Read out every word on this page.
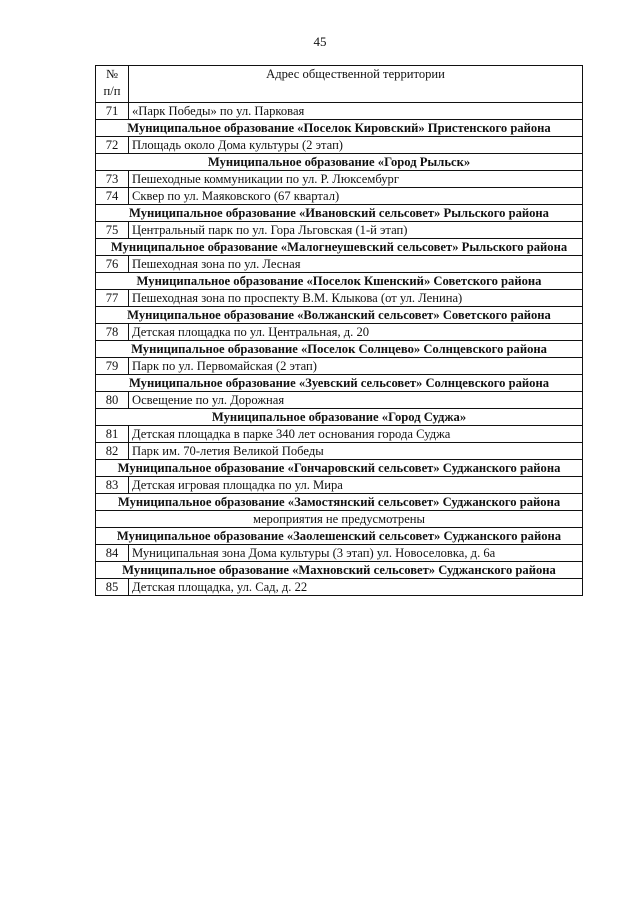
45
№
п/п	Адрес общественной территории
71	«Парк Победы» по ул. Парковая
Муниципальное образование «Поселок Кировский» Пристенского района	
72	Площадь около Дома культуры (2 этап)
Муниципальное образование «Город Рыльск»	
73	Пешеходные коммуникации по ул. Р. Люксембург
74	Сквер по ул. Маяковского (67 квартал)
Муниципальное образование «Ивановский сельсовет» Рыльского района	
75	Центральный парк по ул. Гора Льговская (1-й этап)
Муниципальное образование «Малогнеушевский сельсовет» Рыльского района	
76	Пешеходная зона по ул. Лесная
Муниципальное образование «Поселок Кшенский» Советского района	
77	Пешеходная зона по проспекту В.М. Клыкова (от ул. Ленина)
Муниципальное образование «Волжанский сельсовет» Советского района	
78	Детская площадка по ул. Центральная, д. 20
Муниципальное образование «Поселок Солнцево» Солнцевского района	
79	Парк по ул. Первомайская (2 этап)
Муниципальное образование «Зуевский сельсовет» Солнцевского района	
80	Освещение по ул. Дорожная
Муниципальное образование «Город Суджа»	
81	Детская площадка в парке 340 лет основания города Суджа
82	Парк им. 70-летия Великой Победы
Муниципальное образование «Гончаровский сельсовет» Суджанского района	
83	Детская игровая площадка по ул. Мира
Муниципальное образование «Замостянский сельсовет» Суджанского района	
мероприятия не предусмотрены	
Муниципальное образование «Заолешенский сельсовет» Суджанского района	
84	Муниципальная зона Дома культуры (3 этап) ул. Новоселовка, д. 6а
Муниципальное образование «Махновский сельсовет» Суджанского района	
85	Детская площадка, ул. Сад, д. 22
